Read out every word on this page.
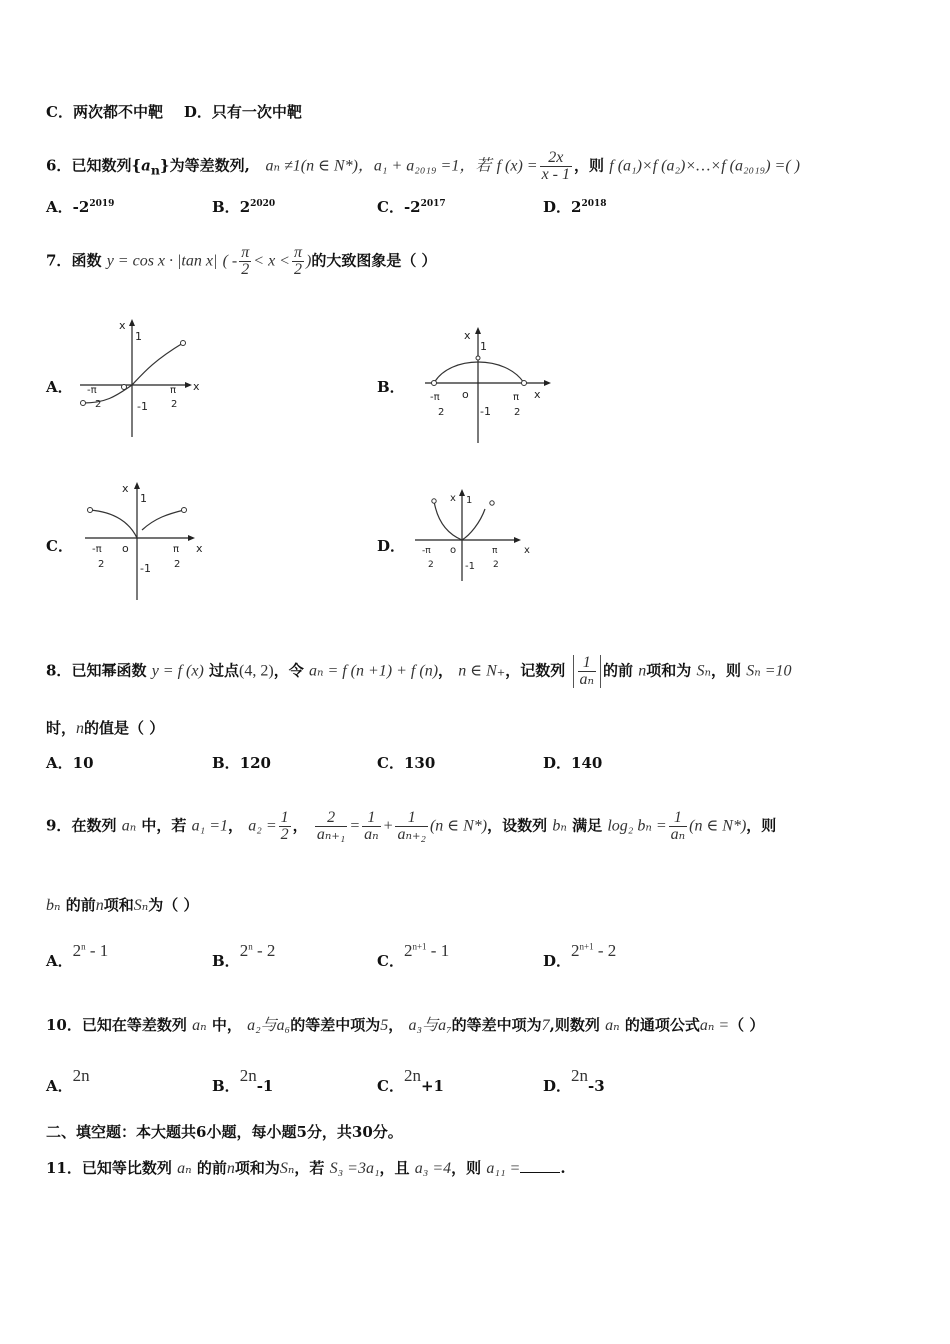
C．两次都不中靶 D．只有一次中靶
6．已知数列$\{a_n\}$为等差数列, aₙ ≠1(n ∈ N*)，a₁ + a₂₀₁₉ =1，若 f $(x) = \frac{2x}{x - 1}$ ，则 f (a₁)×f (a₂)×…×f (a₂₀₁₉) =( )
A．$-2^{2019}$	B．$2^{2020}$	C．$-2^{2017}$	D．$2^{2018}$
7．函数 y = cos x · |tan x| ( - $\frac{\pi}{2} < x < \frac{\pi}{2}$ )的大致图象是（ ）
A．	B．
C．	D．
x
1
-1
x
-π
2
π
2
x
1
-1
o	x
-π
2
π
2
x
1
-1
o	x
-π
2
π
2
x 1
-1
o	x
-π
2
π
2
8．已知幂函数 y = f (x) 过点(4, 2)，令 aₙ = f (n +1) + f (n)， n ∈ N₊，记数列 $\frac{1}{\text{aₙ}}$ 的前 n项和为 Sₙ，则 Sₙ =10
时，n的值是（ ）
A．10	B．120	C．130	D．140
9．在数列 aₙ 中，若 a₁ =1， $a_2 = \frac{1}{2}$ ， $\frac{2}{\text{aₙ₊₁}} = \frac{1}{\text{aₙ}} + \frac{1}{\text{aₙ₊₂}} (n$ ∈ N*)，设数列 bₙ 满足 log₂ $b_n = \frac{1}{\text{aₙ}} (n$ ∈ N*)，则
bₙ 的前n项和Sₙ为（ ）
A．2$^n$ - 1
B．2$^n$ - 2
C．$2^{n+1} - 1$
D．$2^{n+1} - 2$
10．已知在等差数列 aₙ 中， a₂与a₆的等差中项为5， a₃与a₇的等差中项为7,则数列 aₙ 的通项公式aₙ =（ ）
A．2n
B．2n-1	C．2n+1	D．2n-3
二、填空题：本大题共6小题，每小题5分，共30分。
11．已知等比数列 aₙ 的前n项和为Sₙ，若 S₃ =3a₁，且 a₃ =4，则 a₁₁ =	.
